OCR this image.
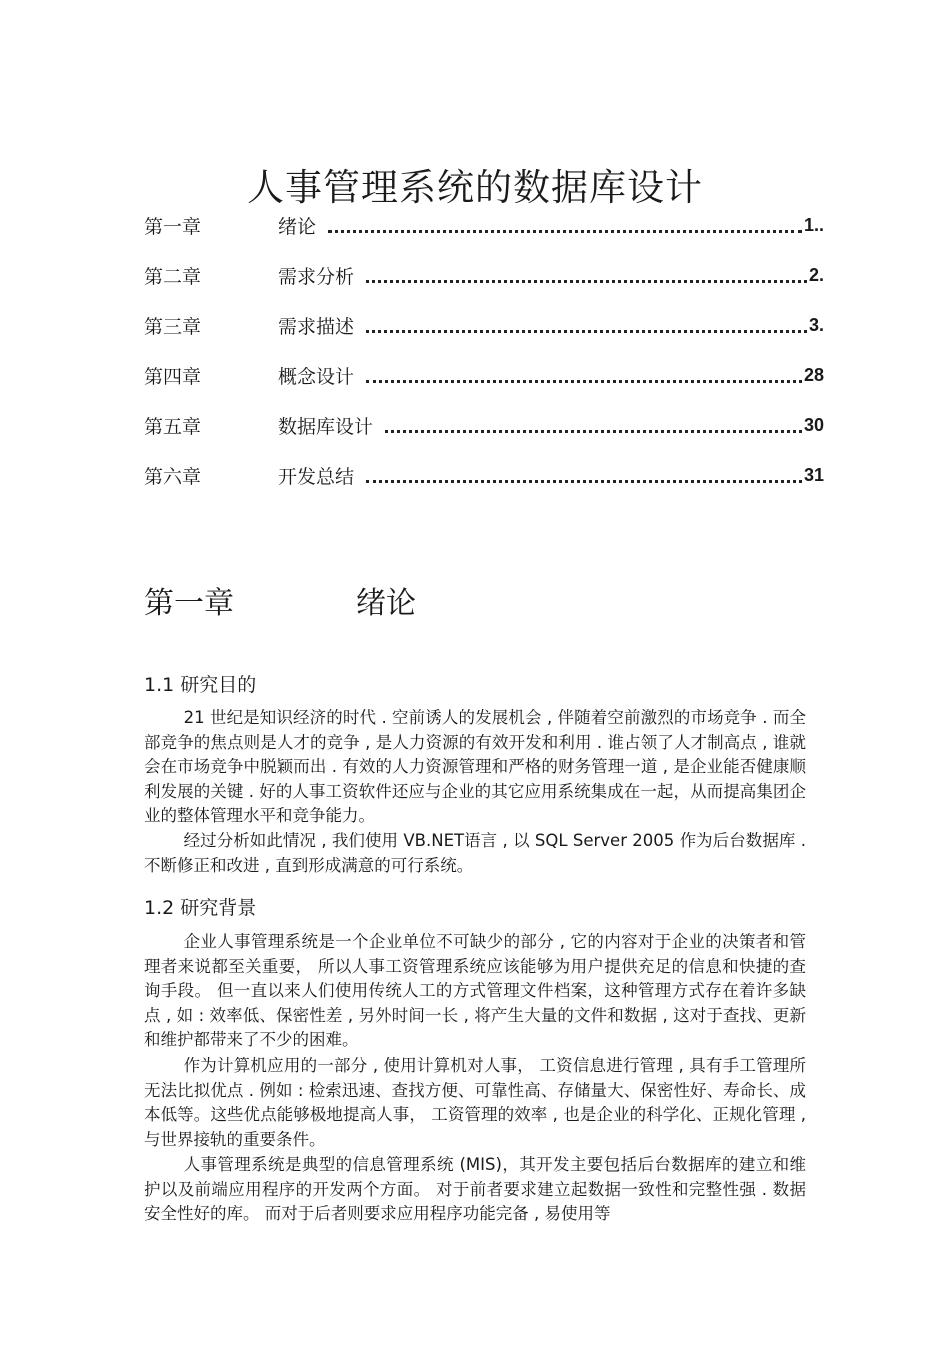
人事管理系统的数据库设计
第一章	绪论	1..
第二章	需求分析	2.
第三章	需求描述	3.
第四章	概念设计	28
第五章	数据库设计	30
第六章	开发总结	31
第一章	绪论
1.1 研究目的

21 世纪是知识经济的时代 . 空前诱人的发展机会 , 伴随着空前激烈的市场竞争 . 而全部竞争的焦点则是人才的竞争 , 是人力资源的有效开发和利用 . 谁占领了人才制高点 , 谁就会在市场竞争中脱颖而出 . 有效的人力资源管理和严格的财务管理一道 , 是企业能否健康顺利发展的关键 . 好的人事工资软件还应与企业的其它应用系统集成在一起，从而提高集团企业的整体管理水平和竞争能力。

经过分析如此情况 , 我们使用 VB.NET语言 , 以 SQL Server 2005 作为后台数据库 . 不断修正和改进 , 直到形成满意的可行系统。

1.2 研究背景

企业人事管理系统是一个企业单位不可缺少的部分 , 它的内容对于企业的决策者和管理者来说都至关重要， 所以人事工资管理系统应该能够为用户提供充足的信息和快捷的查询手段。 但一直以来人们使用传统人工的方式管理文件档案，这种管理方式存在着许多缺点 , 如 : 效率低、保密性差 , 另外时间一长 , 将产生大量的文件和数据 , 这对于查找、更新和维护都带来了不少的困难。

作为计算机应用的一部分 , 使用计算机对人事， 工资信息进行管理 , 具有手工管理所无法比拟优点 . 例如 : 检索迅速、查找方便、可靠性高、存储量大、保密性好、寿命长、成本低等。这些优点能够极地提高人事， 工资管理的效率 , 也是企业的科学化、正规化管理 , 与世界接轨的重要条件。

人事管理系统是典型的信息管理系统 (MIS)，其开发主要包括后台数据库的建立和维护以及前端应用程序的开发两个方面。 对于前者要求建立起数据一致性和完整性强 . 数据安全性好的库。 而对于后者则要求应用程序功能完备 , 易使用等
